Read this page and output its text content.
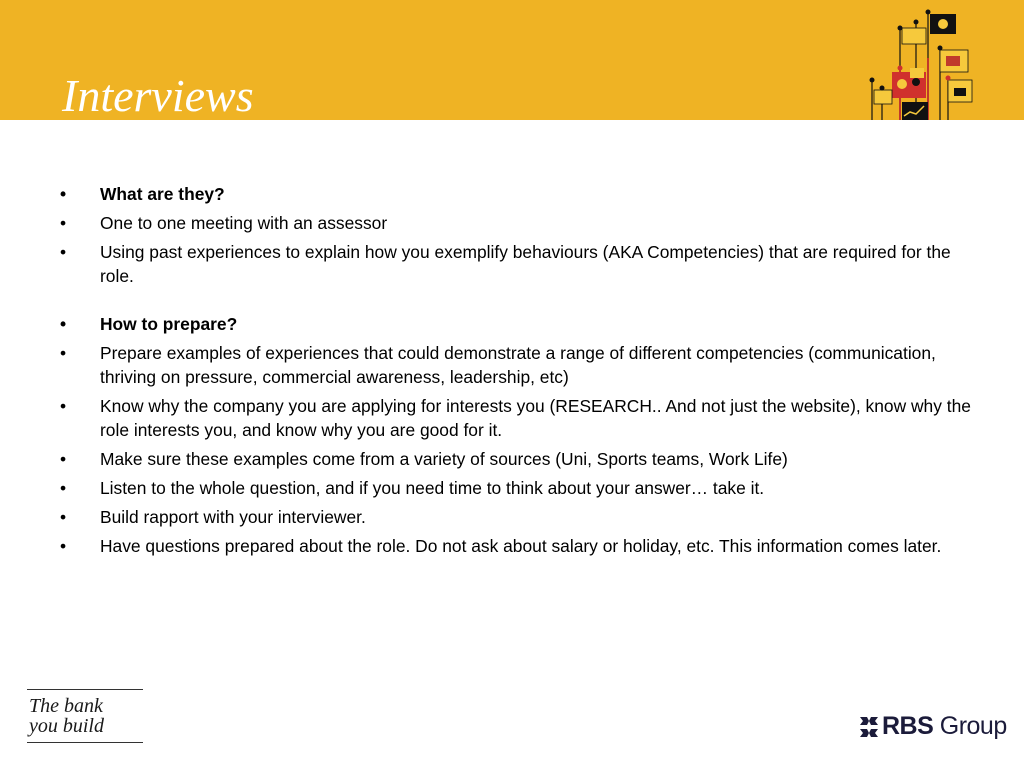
Interviews
• What are they?
• One to one meeting with an assessor
• Using past experiences to explain how you exemplify behaviours (AKA Competencies) that are required for the role.
• How to prepare?
• Prepare examples of experiences that could demonstrate a range of different competencies (communication, thriving on pressure, commercial awareness, leadership, etc)
• Know why the company you are applying for interests you (RESEARCH.. And not just the website), know why the role interests you, and know why you are good for it.
• Make sure these examples come from a variety of sources (Uni, Sports teams, Work Life)
• Listen to the whole question, and if you need time to think about your answer… take it.
• Build rapport with your interviewer.
• Have questions prepared about the role. Do not ask about salary or holiday, etc. This information comes later.
The bank
you build	RBS Group
